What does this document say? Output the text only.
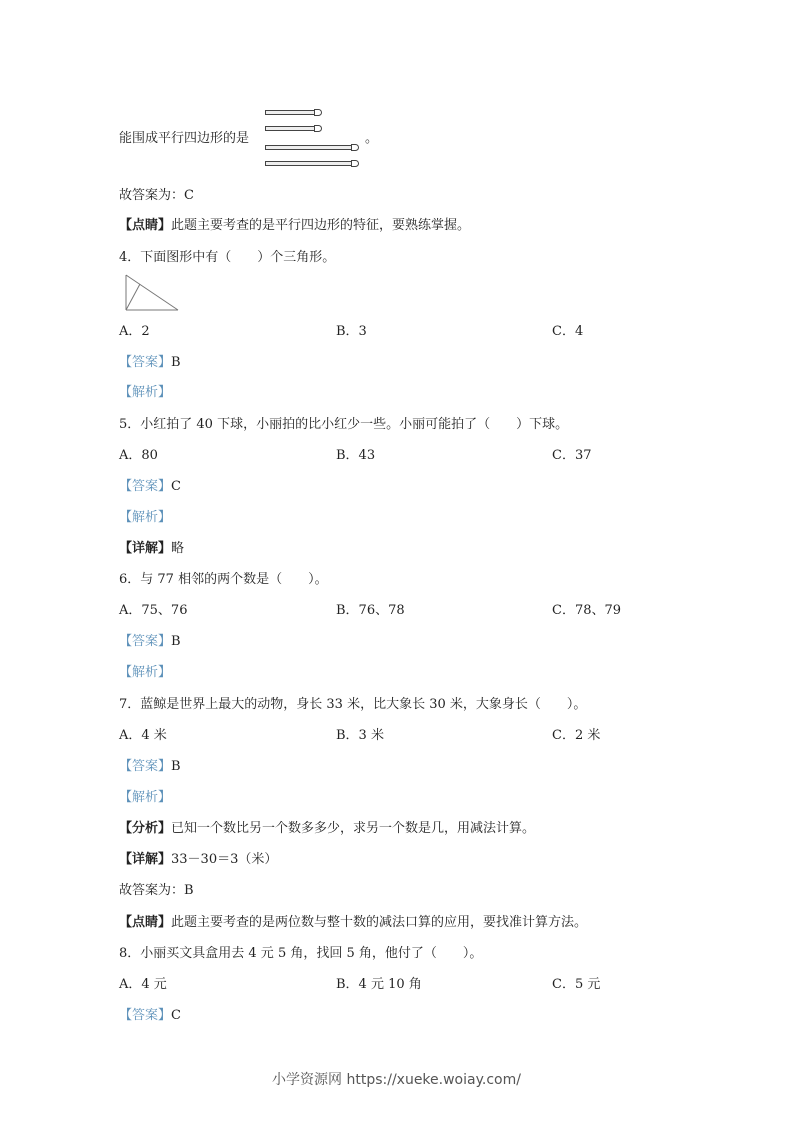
能围成平行四边形的是	。
故答案为：C
【点睛】此题主要考查的是平行四边形的特征，要熟练掌握。
4．下面图形中有（　　）个三角形。
A．2	B．3	C．4
【答案】B
【解析】
5．小红拍了 40 下球，小丽拍的比小红少一些。小丽可能拍了（　　）下球。
A．80	B．43	C．37
【答案】C
【解析】
【详解】略
6．与 77 相邻的两个数是（　　）。
A．75、76	B．76、78	C．78、79
【答案】B
【解析】
7．蓝鲸是世界上最大的动物，身长 33 米，比大象长 30 米，大象身长（　　）。
A．4 米	B．3 米	C．2 米
【答案】B
【解析】
【分析】已知一个数比另一个数多多少，求另一个数是几，用减法计算。
【详解】33－30＝3（米）
故答案为：B
【点睛】此题主要考查的是两位数与整十数的减法口算的应用，要找准计算方法。
8．小丽买文具盒用去 4 元 5 角，找回 5 角，他付了（　　）。
A．4 元	B．4 元 10 角	C．5 元
【答案】C
小学资源网 https://xueke.woiay.com/
